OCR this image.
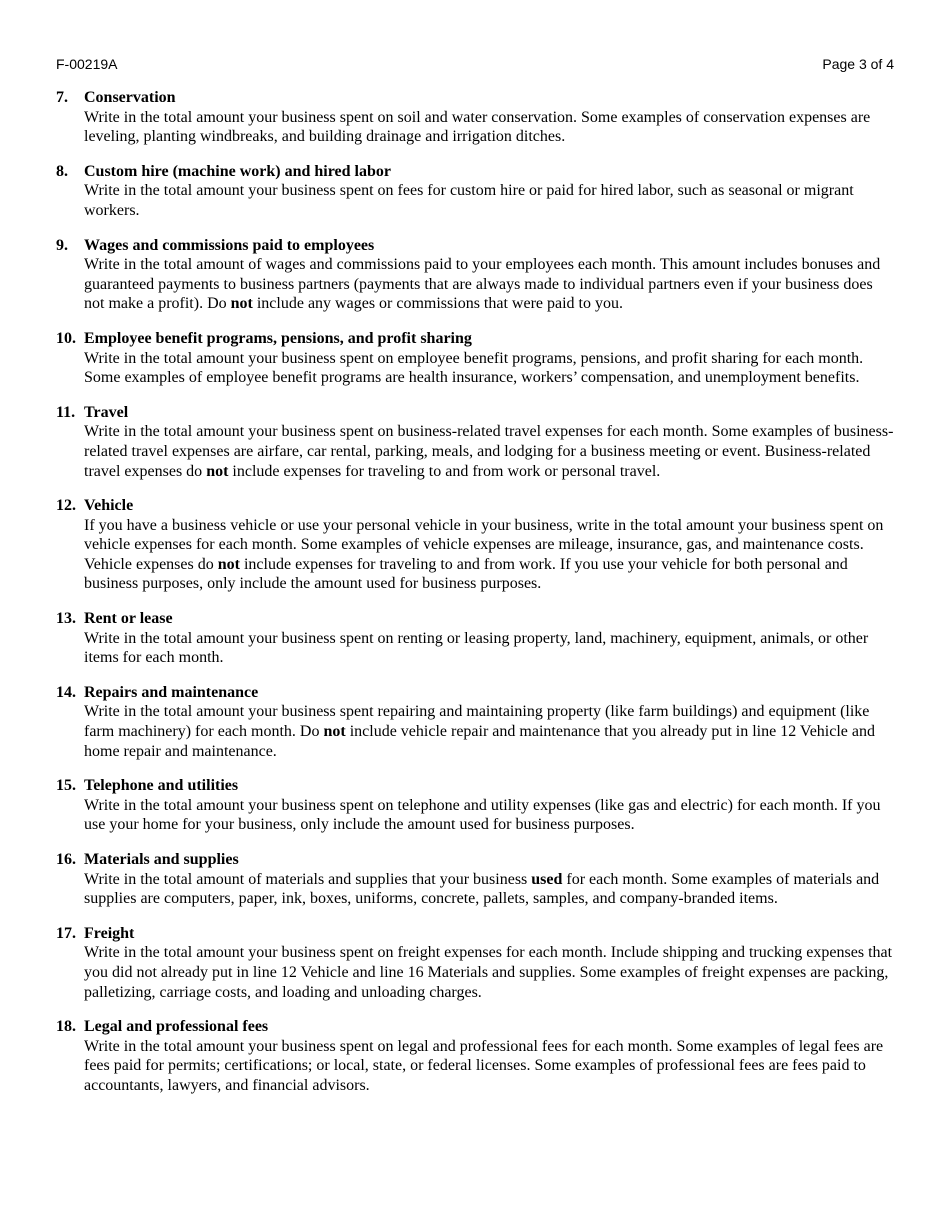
F-00219A	Page 3 of 4
7. Conservation
Write in the total amount your business spent on soil and water conservation. Some examples of conservation expenses are leveling, planting windbreaks, and building drainage and irrigation ditches.
8. Custom hire (machine work) and hired labor
Write in the total amount your business spent on fees for custom hire or paid for hired labor, such as seasonal or migrant workers.
9. Wages and commissions paid to employees
Write in the total amount of wages and commissions paid to your employees each month. This amount includes bonuses and guaranteed payments to business partners (payments that are always made to individual partners even if your business does not make a profit). Do not include any wages or commissions that were paid to you.
10. Employee benefit programs, pensions, and profit sharing
Write in the total amount your business spent on employee benefit programs, pensions, and profit sharing for each month. Some examples of employee benefit programs are health insurance, workers’ compensation, and unemployment benefits.
11. Travel
Write in the total amount your business spent on business-related travel expenses for each month. Some examples of business-related travel expenses are airfare, car rental, parking, meals, and lodging for a business meeting or event. Business-related travel expenses do not include expenses for traveling to and from work or personal travel.
12. Vehicle
If you have a business vehicle or use your personal vehicle in your business, write in the total amount your business spent on vehicle expenses for each month. Some examples of vehicle expenses are mileage, insurance, gas, and maintenance costs. Vehicle expenses do not include expenses for traveling to and from work. If you use your vehicle for both personal and business purposes, only include the amount used for business purposes.
13. Rent or lease
Write in the total amount your business spent on renting or leasing property, land, machinery, equipment, animals, or other items for each month.
14. Repairs and maintenance
Write in the total amount your business spent repairing and maintaining property (like farm buildings) and equipment (like farm machinery) for each month. Do not include vehicle repair and maintenance that you already put in line 12 Vehicle and home repair and maintenance.
15. Telephone and utilities
Write in the total amount your business spent on telephone and utility expenses (like gas and electric) for each month. If you use your home for your business, only include the amount used for business purposes.
16. Materials and supplies
Write in the total amount of materials and supplies that your business used for each month. Some examples of materials and supplies are computers, paper, ink, boxes, uniforms, concrete, pallets, samples, and company-branded items.
17. Freight
Write in the total amount your business spent on freight expenses for each month. Include shipping and trucking expenses that you did not already put in line 12 Vehicle and line 16 Materials and supplies. Some examples of freight expenses are packing, palletizing, carriage costs, and loading and unloading charges.
18. Legal and professional fees
Write in the total amount your business spent on legal and professional fees for each month. Some examples of legal fees are fees paid for permits; certifications; or local, state, or federal licenses. Some examples of professional fees are fees paid to accountants, lawyers, and financial advisors.
